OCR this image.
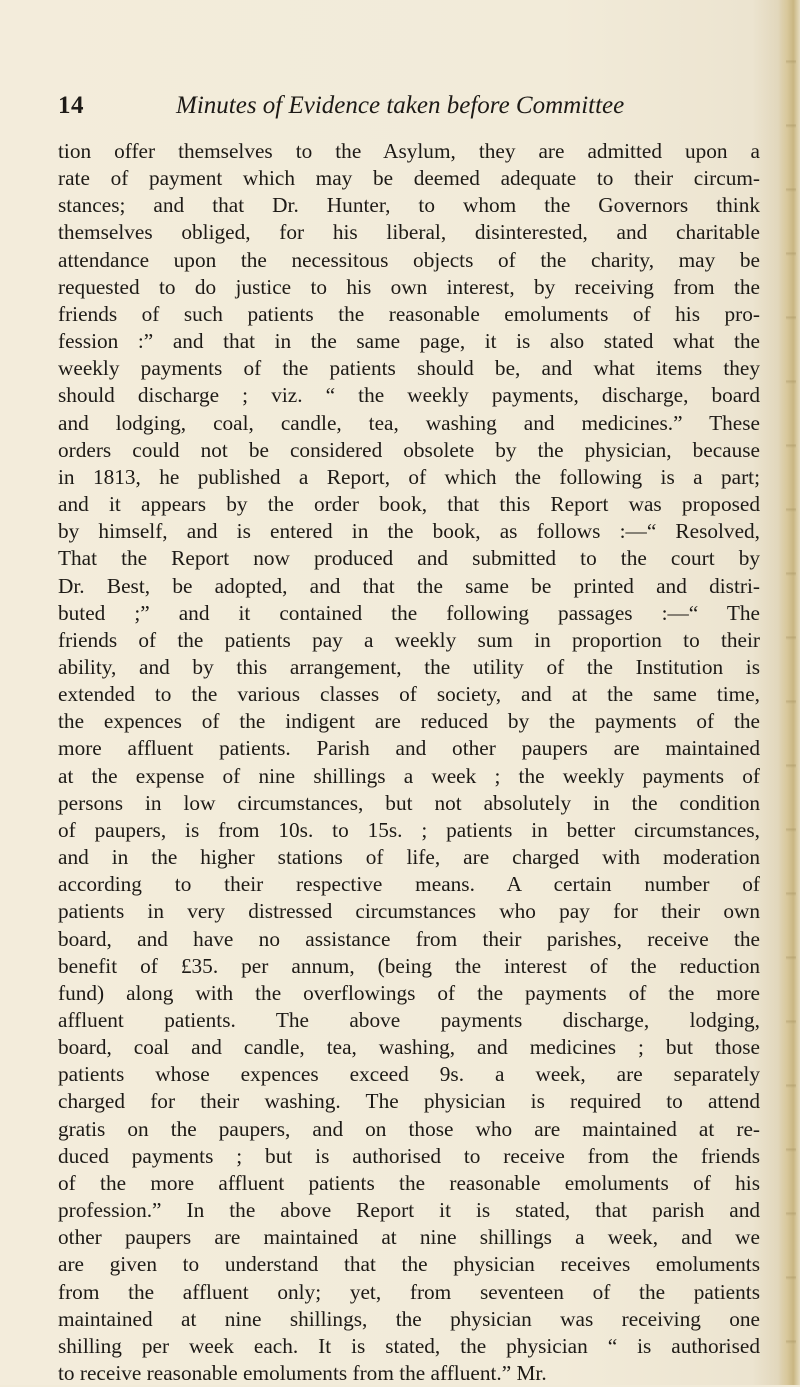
14	Minutes of Evidence taken before Committee
tion offer themselves to the Asylum, they are admitted upon a
rate of payment which may be deemed adequate to their circum-
stances; and that Dr. Hunter, to whom the Governors think
themselves obliged, for his liberal, disinterested, and charitable
attendance upon the necessitous objects of the charity, may be
requested to do justice to his own interest, by receiving from the
friends of such patients the reasonable emoluments of his pro-
fession :” and that in the same page, it is also stated what the
weekly payments of the patients should be, and what items they
should discharge ; viz. “ the weekly payments, discharge, board
and lodging, coal, candle, tea, washing and medicines.” These
orders could not be considered obsolete by the physician, because
in 1813, he published a Report, of which the following is a part;
and it appears by the order book, that this Report was proposed
by himself, and is entered in the book, as follows :—“ Resolved,
That the Report now produced and submitted to the court by
Dr. Best, be adopted, and that the same be printed and distri-
buted ;” and it contained the following passages :—“ The
friends of the patients pay a weekly sum in proportion to their
ability, and by this arrangement, the utility of the Institution is
extended to the various classes of society, and at the same time,
the expences of the indigent are reduced by the payments of the
more affluent patients. Parish and other paupers are maintained
at the expense of nine shillings a week ; the weekly payments of
persons in low circumstances, but not absolutely in the condition
of paupers, is from 10s. to 15s. ; patients in better circumstances,
and in the higher stations of life, are charged with moderation
according to their respective means. A certain number of
patients in very distressed circumstances who pay for their own
board, and have no assistance from their parishes, receive the
benefit of £35. per annum, (being the interest of the reduction
fund) along with the overflowings of the payments of the more
affluent patients. The above payments discharge, lodging,
board, coal and candle, tea, washing, and medicines ; but those
patients whose expences exceed 9s. a week, are separately
charged for their washing. The physician is required to attend
gratis on the paupers, and on those who are maintained at re-
duced payments ; but is authorised to receive from the friends
of the more affluent patients the reasonable emoluments of his
profession.” In the above Report it is stated, that parish and
other paupers are maintained at nine shillings a week, and we
are given to understand that the physician receives emoluments
from the affluent only; yet, from seventeen of the patients
maintained at nine shillings, the physician was receiving one
shilling per week each. It is stated, the physician “ is authorised
to receive reasonable emoluments from the affluent.” Mr.
